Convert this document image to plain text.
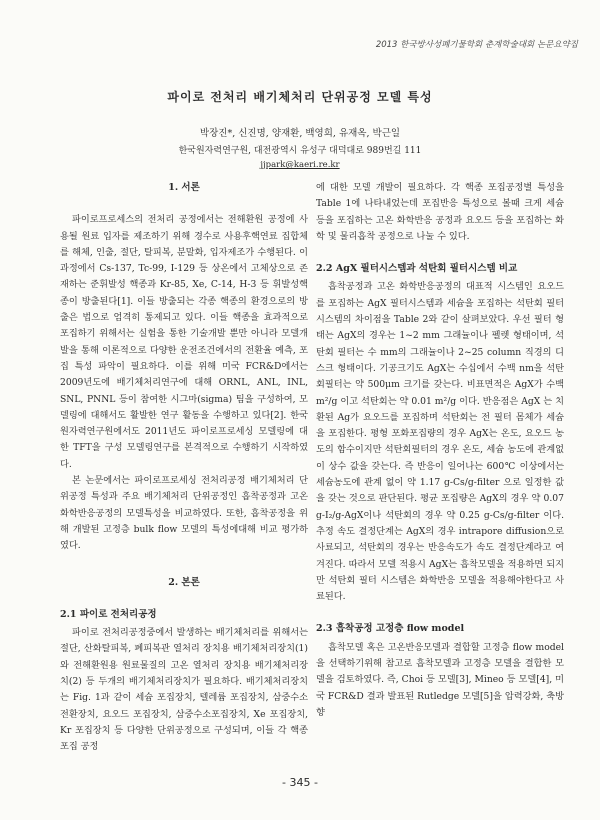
2013 한국방사성폐기물학회 춘계학술대회 논문요약집

파이로 전처리 배기체처리 단위공정 모델 특성

박장진*, 신진명, 양재환, 백영희, 유재옥, 박근일

한국원자력연구원, 대전광역시 유성구 대덕대로 989번길 111

jjpark@kaeri.re.kr

1. 서론

파이로프로세스의 전처리 공정에서는 전해환원 공정에 사용될 원료 입자를 제조하기 위해 경수로 사용후핵연료 집합체를 해체, 인출, 절단, 탈피복, 분말화, 입자제조가 수행된다. 이 과정에서 Cs-137, Tc-99, I-129 등 상온에서 고체상으로 존재하는 준휘발성 핵종과 Kr-85, Xe, C-14, H-3 등 휘발성핵종이 방출된다[1]. 이들 방출되는 각종 핵종의 환경으로의 방출은 법으로 엄격히 통제되고 있다. 이들 핵종을 효과적으로 포집하기 위해서는 실험을 통한 기술개발 뿐만 아니라 모델개발을 통해 이론적으로 다양한 운전조건에서의 전환율 예측, 포집 특성 파악이 필요하다. 이를 위해 미국 FCR&D에서는 2009년도에 배기체처리연구에 대해 ORNL, ANL, INL, SNL, PNNL 등이 참여한 시그마(sigma) 팀을 구성하여, 모델링에 대해서도 활발한 연구 활동을 수행하고 있다[2]. 한국원자력연구원에서도 2011년도 파이로프로세싱 모델링에 대한 TFT을 구성 모델링연구를 본격적으로 수행하기 시작하였다.

본 논문에서는 파이로프로세싱 전처리공정 배기체처리 단위공정 특성과 주요 배기체처리 단위공정인 흡착공정과 고온 화학반응공정의 모델특성을 비교하였다. 또한, 흡착공정을 위해 개발된 고정층 bulk flow 모델의 특성에대해 비교 평가하였다.

2. 본론

2.1 파이로 전처리공정

파이로 전처리공정중에서 발생하는 배기체처리를 위해서는 절단, 산화탈피복, 폐피복관 열처리 장치용 배기체처리장치(1)와 전해환원용 원료물질의 고온 열처리 장치용 배기체처리장치(2) 등 두개의 배기체처리장치가 필요하다. 배기체처리장치는 Fig. 1과 같이 세슘 포집장치, 텔레륨 포집장치, 삼중수소 전환장치, 요오드 포집장치, 삼중수소포집장치, Xe 포집장치, Kr 포집장치 등 다양한 단위공정으로 구성되며, 이들 각 핵종 포집 공정

에 대한 모델 개발이 필요하다. 각 핵종 포집공정별 특성을 Table 1에 나타내었는데 포집반응 특성으로 볼때 크게 세슘 등을 포집하는 고온 화학반응 공정과 요오드 등을 포집하는 화학 및 물리흡착 공정으로 나눌 수 있다.

2.2 AgX 필터시스템과 석탄회 필터시스템 비교

흡착공정과 고온 화학반응공정의 대표적 시스템인 요오드를 포집하는 AgX 필터시스템과 세슘을 포집하는 석탄회 필터시스템의 차이점을 Table 2와 같이 살펴보았다. 우선 필터 형태는 AgX의 경우는 1~2 mm 그래뉼이나 펠렛 형태이며, 석탄회 필터는 수 mm의 그래뉼이나 2~25 column 직경의 디스크 형태이다. 기공크기도 AgX는 수십에서 수백 nm을 석탄회필터는 약 500μm 크기를 갖는다. 비표면적은 AgX가 수백 m²/g 이고 석탄회는 약 0.01 m²/g 이다. 반응점은 AgX 는 치환된 Ag가 요오드를 포집하며 석탄회는 전 필터 몸체가 세슘을 포집한다. 평형 포화포집량의 경우 AgX는 온도, 요오드 농도의 함수이지만 석탄회필터의 경우 온도, 세슘 농도에 관계없이 상수 값을 갖는다. 즉 반응이 일어나는 600℃ 이상에서는 세슘농도에 관계 없이 약 1.17 g-Cs/g-filter 으로 일정한 값을 갖는 것으로 판단된다. 평균 포집량은 AgX의 경우 약 0.07 g-I₂/g-AgX이나 석탄회의 경우 약 0.25 g-Cs/g-filter 이다. 추정 속도 결정단계는 AgX의 경우 intrapore diffusion으로 사료되고, 석탄회의 경우는 반응속도가 속도 결정단계라고 여겨진다. 따라서 모델 적용시 AgX는 흡착모델을 적용하면 되지만 석탄회 필터 시스템은 화학반응 모델을 적용해야한다고 사료된다.

2.3 흡착공정 고정층 flow model

흡착모델 혹은 고온반응모델과 결합할 고정층 flow model을 선택하기위해 참고로 흡착모델과 고정층 모델을 결합한 모델을 검토하였다. 즉, Choi 등 모델[3], Mineo 등 모델[4], 미국 FCR&D 결과 발표된 Rutledge 모델[5]을 압력강화, 축방향

- 345 -
